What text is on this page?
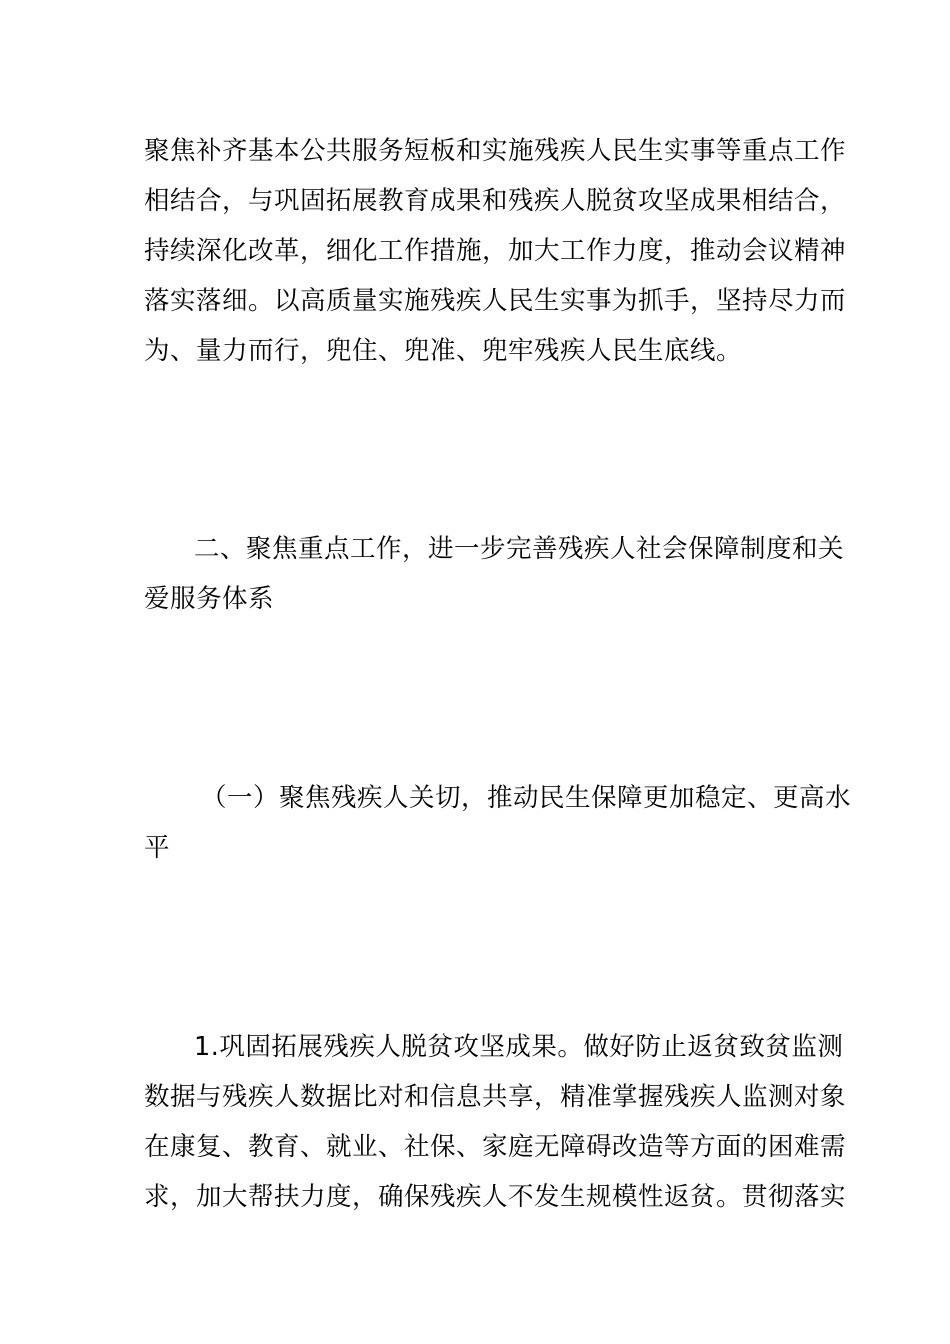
聚焦补齐基本公共服务短板和实施残疾人民生实事等重点工作
相结合，与巩固拓展教育成果和残疾人脱贫攻坚成果相结合，
持续深化改革，细化工作措施，加大工作力度，推动会议精神
落实落细。以高质量实施残疾人民生实事为抓手，坚持尽力而
为、量力而行，兜住、兜准、兜牢残疾人民生底线。
二、聚焦重点工作，进一步完善残疾人社会保障制度和关
爱服务体系
（一）聚焦残疾人关切，推动民生保障更加稳定、更高水
平
1.巩固拓展残疾人脱贫攻坚成果。做好防止返贫致贫监测
数据与残疾人数据比对和信息共享，精准掌握残疾人监测对象
在康复、教育、就业、社保、家庭无障碍改造等方面的困难需
求，加大帮扶力度，确保残疾人不发生规模性返贫。贯彻落实
